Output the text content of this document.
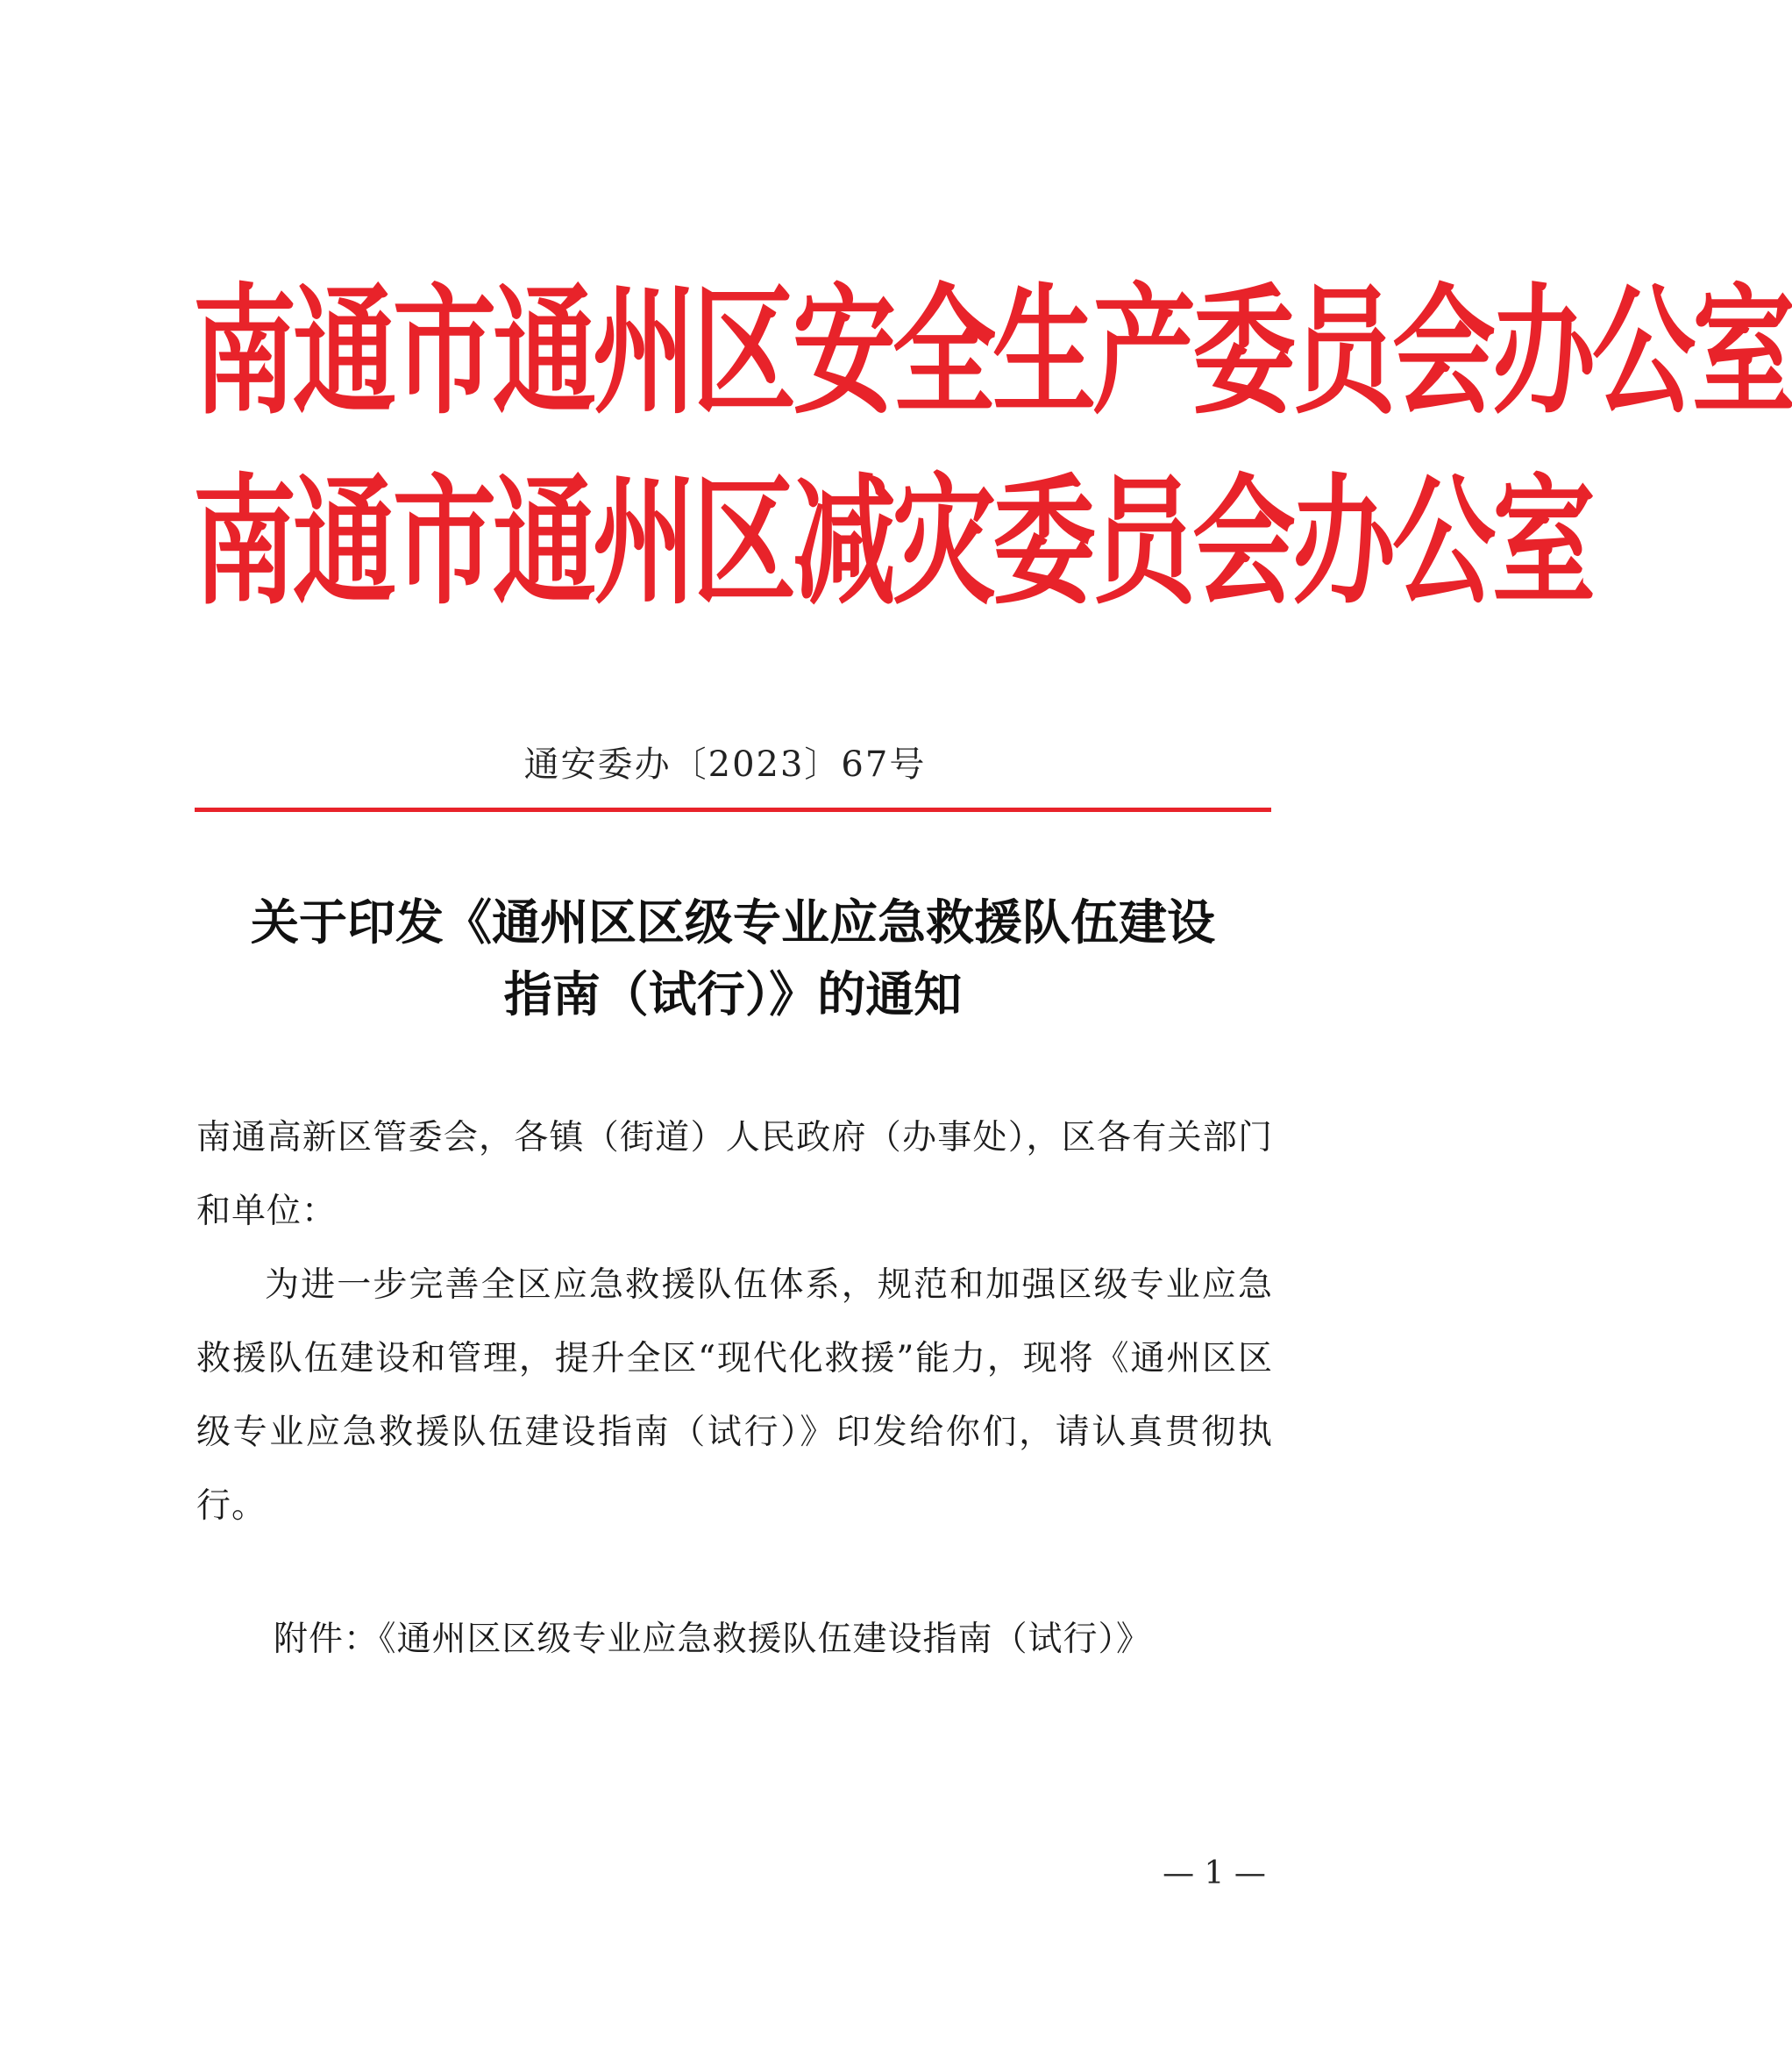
南通市通州区安全生产委员会办公室
南通市通州区减灾委员会办公室
通安委办〔2023〕67号
关于印发《通州区区级专业应急救援队伍建设
指南（试行）》的通知

南通高新区管委会，各镇（街道）人民政府（办事处），区各有关部门和单位：

为进一步完善全区应急救援队伍体系，规范和加强区级专业应急救援队伍建设和管理，提升全区“现代化救援”能力，现将《通州区区级专业应急救援队伍建设指南（试行）》印发给你们，请认真贯彻执行。

附件：《通州区区级专业应急救援队伍建设指南（试行）》
— 1 —
